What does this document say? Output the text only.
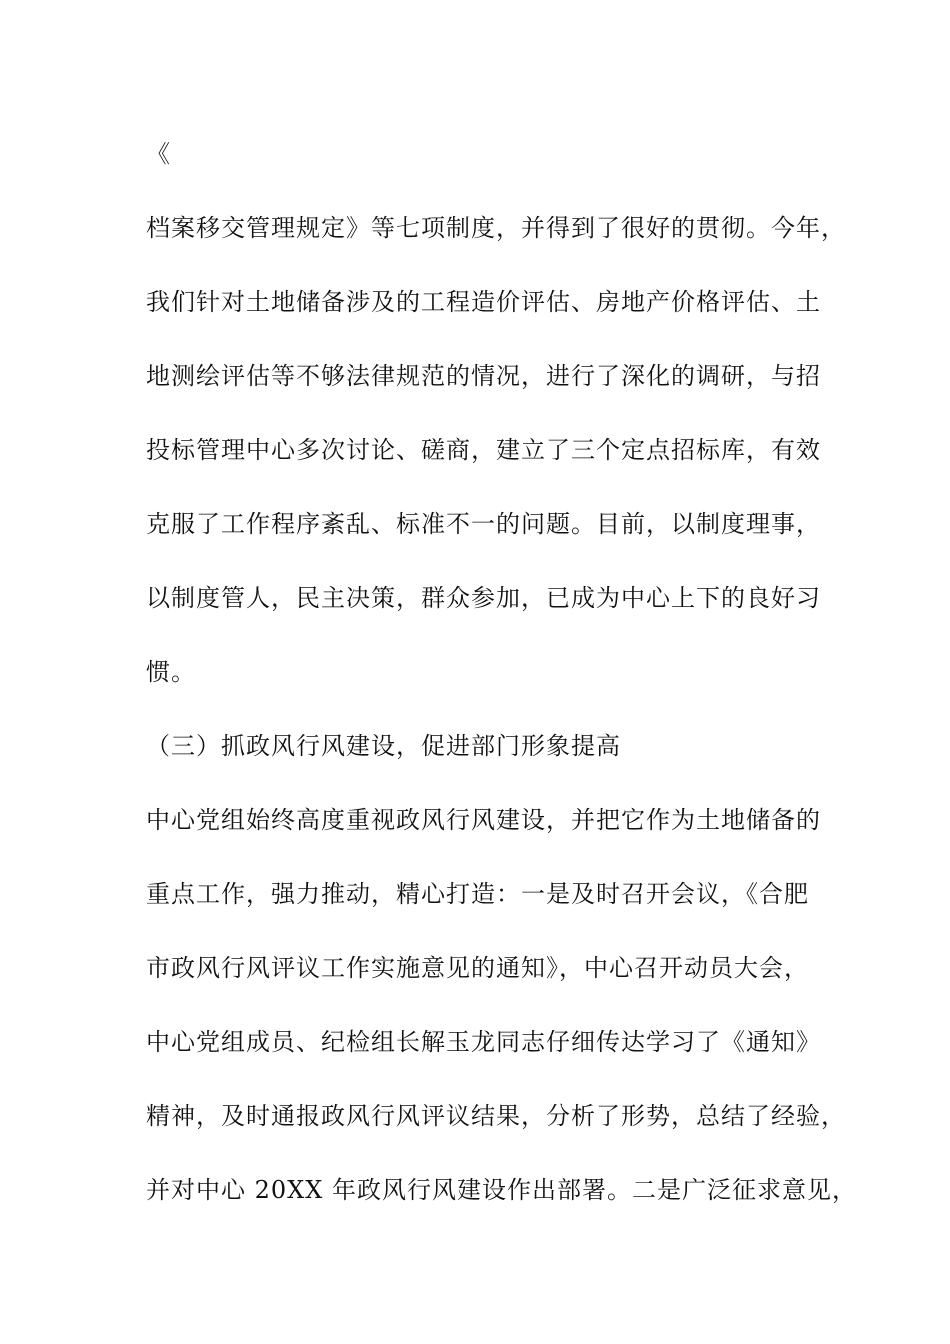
《
档案移交管理规定》等七项制度，并得到了很好的贯彻。今年，
我们针对土地储备涉及的工程造价评估、房地产价格评估、土
地测绘评估等不够法律规范的情况，进行了深化的调研，与招
投标管理中心多次讨论、磋商，建立了三个定点招标库，有效
克服了工作程序紊乱、标准不一的问题。目前，以制度理事，
以制度管人，民主决策，群众参加，已成为中心上下的良好习
惯。
（三）抓政风行风建设，促进部门形象提高
中心党组始终高度重视政风行风建设，并把它作为土地储备的
重点工作，强力推动，精心打造：一是及时召开会议，《合肥
市政风行风评议工作实施意见的通知》，中心召开动员大会，
中心党组成员、纪检组长解玉龙同志仔细传达学习了《通知》
精神，及时通报政风行风评议结果，分析了形势，总结了经验，
并对中心 20XX 年政风行风建设作出部署。二是广泛征求意见，
